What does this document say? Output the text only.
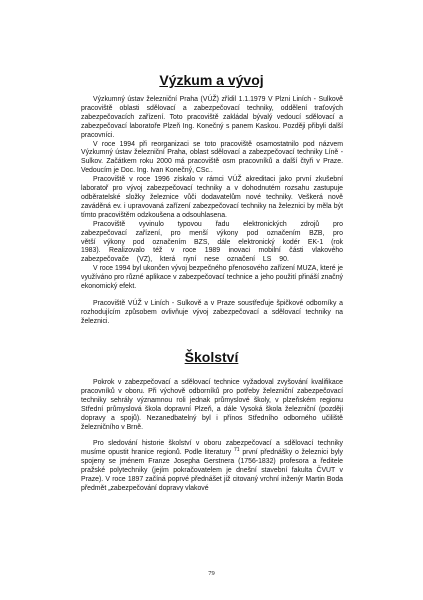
Výzkum a vývoj

Výzkumný ústav železniční Praha (VÚŽ) zřídil 1.1.1979 V Plzni Liních - Sulkově pracoviště oblasti sdělovací a zabezpečovací techniky, oddělení traťových zabezpečovacích zařízení. Toto pracoviště zakládal bývalý vedoucí sdělovací a zabezpečovací laboratoře Plzeň Ing. Konečný s panem Kaskou. Později přibyli další pracovníci.

V roce 1994 při reorganizaci se toto pracoviště osamostatnilo pod názvem Výzkumný ústav železniční Praha, oblast sdělovací a zabezpečovací techniky Líně - Sulkov. Začátkem roku 2000 má pracoviště osm pracovníků a další čtyři v Praze. Vedoucím je Doc. Ing. Ivan Konečný, CSc..

Pracoviště v roce 1996 získalo v rámci VÚŽ akreditaci jako první zkušební laboratoř pro vývoj zabezpečovací techniky a v dohodnutém rozsahu zastupuje odběratelské složky železnice vůči dodavatelům nové techniky. Veškerá nově zaváděná ev. i upravovaná zařízení zabezpečovací techniky na železnici by měla být tímto pracovištěm odzkoušena a odsouhlasena.

Pracoviště vyvinulo typovou řadu elektronických zdrojů pro zabezpečovací zařízení, pro menší výkony pod označením BZB, pro větší výkony pod označením BZS, dále elektronický kodér EK-1 (rok 1983). Realizovalo též v roce 1989 inovaci mobilní části vlakového zabezpečovače (VZ), která nyní nese označení LS 90.

V roce 1994 byl ukončen vývoj bezpečného přenosového zařízení MUZA, které je využíváno pro různé aplikace v zabezpečovací technice a jeho použití přináší značný ekonomický efekt.

Pracoviště VÚŽ v Liních - Sulkově a v Praze soustřeďuje špičkové odborníky a rozhodujícím způsobem ovlivňuje vývoj zabezpečovací a sdělovací techniky na železnici.

Školství

Pokrok v zabezpečovací a sdělovací technice vyžadoval zvyšování kvalifikace pracovníků v oboru. Při výchově odborníků pro potřeby železniční zabezpečovací techniky sehrály významnou roli jednak průmyslové školy, v plzeňském regionu Střední průmyslová škola dopravní Plzeň, a dále Vysoká škola železniční (později dopravy a spojů). Nezanedbatelný byl i přínos Středního odborného učiliště železničního v Brně.

Pro sledování historie školství v oboru zabezpečovací a sdělovací techniky musíme opustit hranice regionů. Podle literatury $^{71}$ první přednášky o železnici byly spojeny se jménem Franze Josepha Gerstnera (1756-1832) profesora a ředitele pražské polytechniky (jejím pokračovatelem je dnešní stavební fakulta ČVUT v Praze). V roce 1897 začíná poprvé přednášet již citovaný vrchní inženýr Martin Boda předmět „zabezpečování dopravy vlakové

79
